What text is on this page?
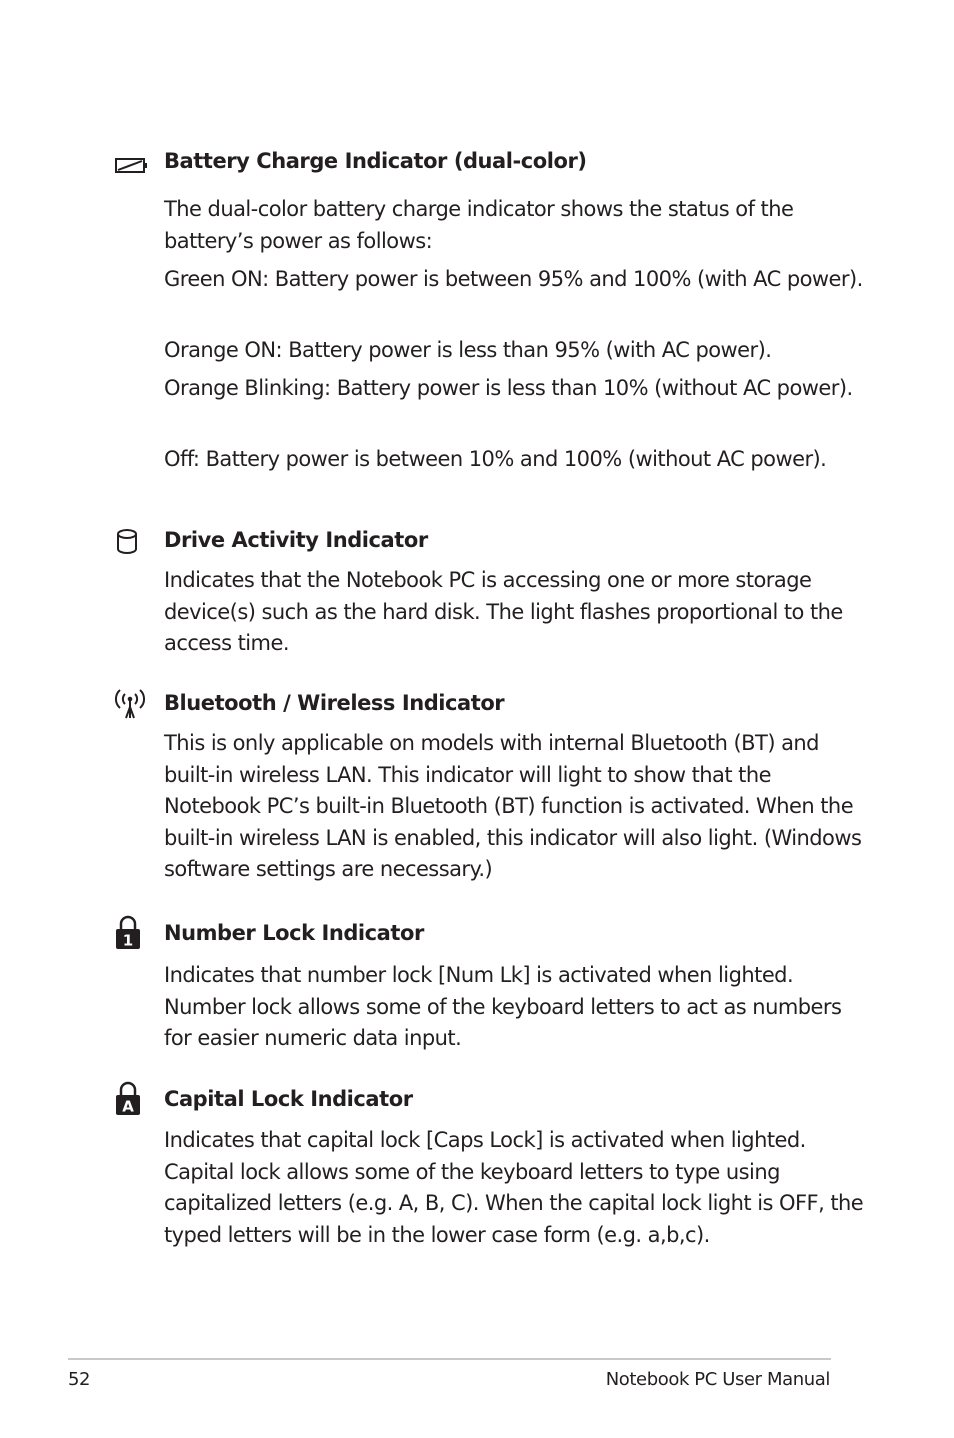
Battery Charge Indicator (dual-color)

The dual-color battery charge indicator shows the status of the battery’s power as follows:

Green ON: Battery power is between 95% and 100% (with AC power).

Orange ON: Battery power is less than 95% (with AC power).

Orange Blinking: Battery power is less than 10% (without AC power).

Off: Battery power is between 10% and 100% (without AC power).

Drive Activity Indicator

Indicates that the Notebook PC is accessing one or more storage device(s) such as the hard disk. The light flashes proportional to the access time.

Bluetooth / Wireless Indicator

This is only applicable on models with internal Bluetooth (BT) and built-in wireless LAN. This indicator will light to show that the Notebook PC’s built-in Bluetooth (BT) function is activated. When the built-in wireless LAN is enabled, this indicator will also light. (Windows software settings are necessary.)

1 Number Lock Indicator

Indicates that number lock [Num Lk] is activated when lighted. Number lock allows some of the keyboard letters to act as numbers for easier numeric data input.

A Capital Lock Indicator

Indicates that capital lock [Caps Lock] is activated when lighted. Capital lock allows some of the keyboard letters to type using capitalized letters (e.g. A, B, C). When the capital lock light is OFF, the typed letters will be in the lower case form (e.g. a,b,c).

52	Notebook PC User Manual
